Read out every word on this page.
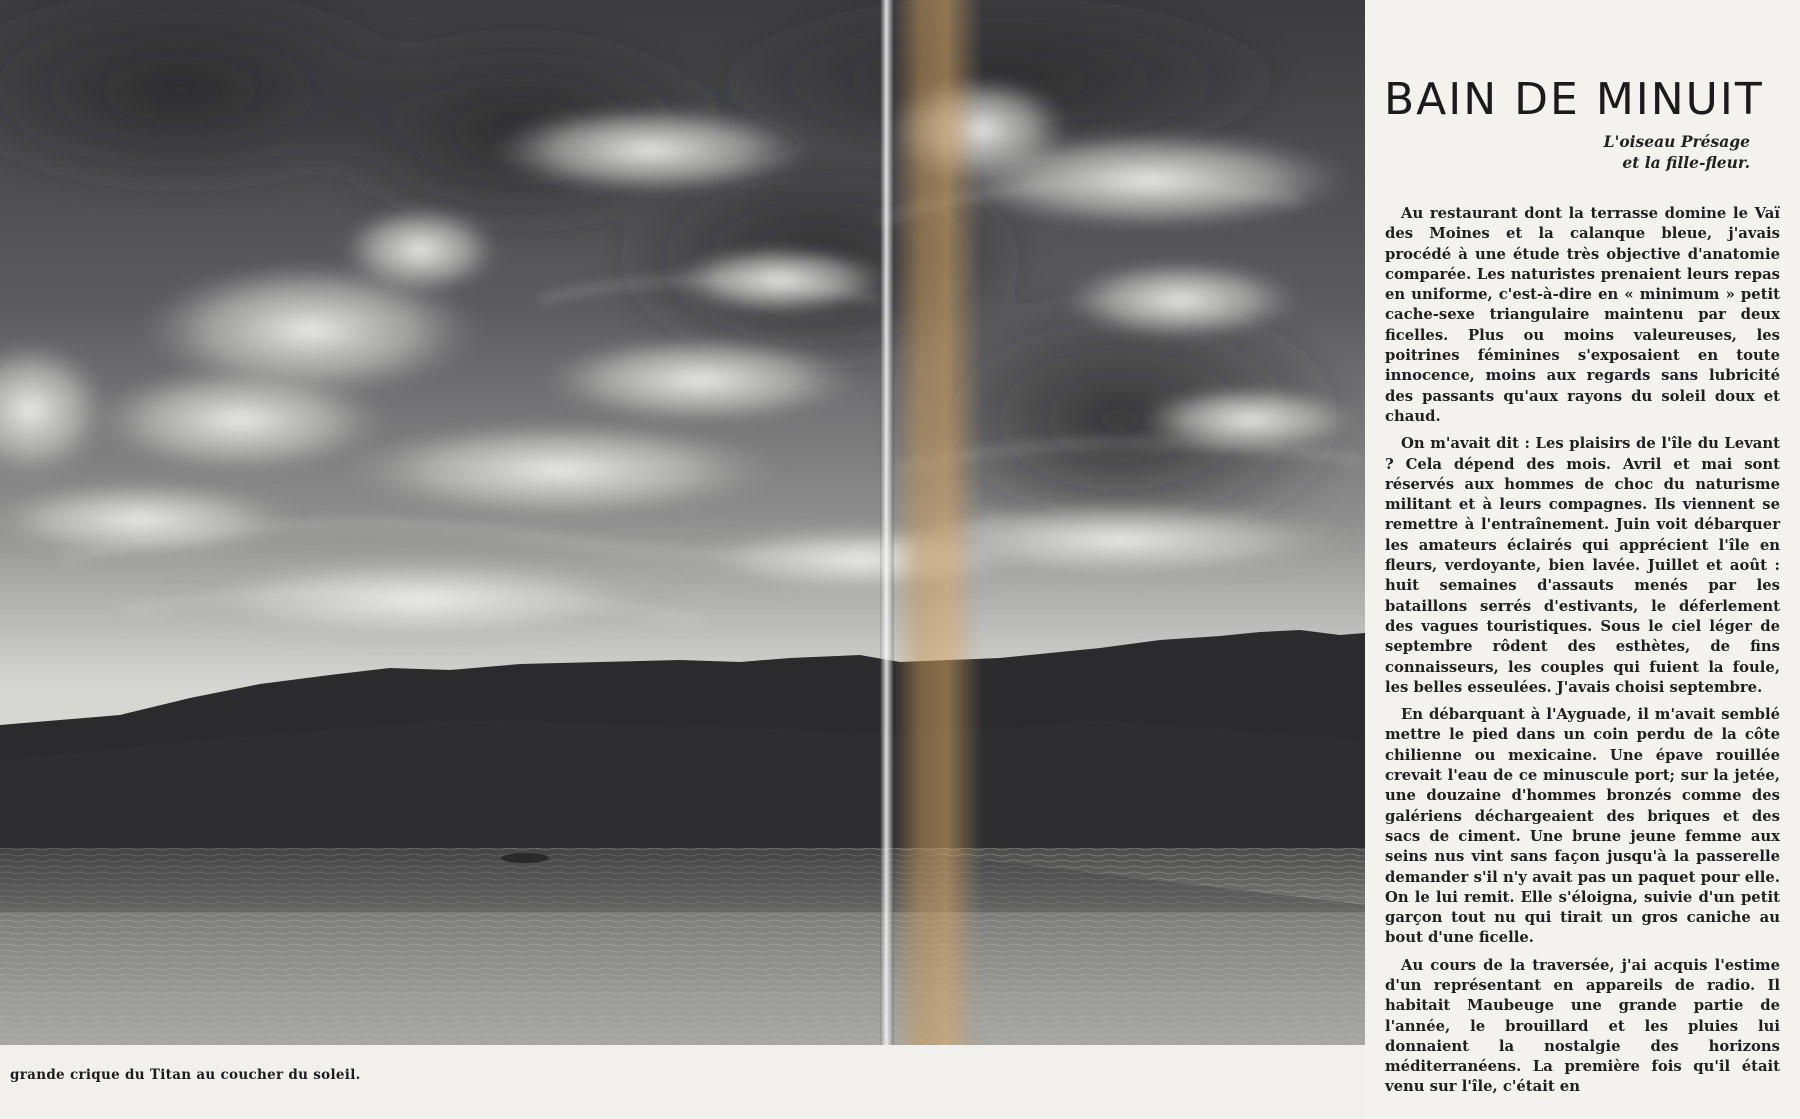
grande crique du Titan au coucher du soleil.
BAIN DE MINUIT
L'oiseau Présage
et la fille-fleur.

Au restaurant dont la terrasse domine le Vaï des Moines et la calanque bleue, j'avais procédé à une étude très objective d'anatomie comparée. Les naturistes prenaient leurs repas en uniforme, c'est-à-dire en « minimum » petit cache-sexe triangulaire maintenu par deux ficelles. Plus ou moins valeureuses, les poitrines féminines s'exposaient en toute innocence, moins aux regards sans lubricité des passants qu'aux rayons du soleil doux et chaud.

On m'avait dit : Les plaisirs de l'île du Levant ? Cela dépend des mois. Avril et mai sont réservés aux hommes de choc du naturisme militant et à leurs compagnes. Ils viennent se remettre à l'entraînement. Juin voit débarquer les amateurs éclairés qui apprécient l'île en fleurs, verdoyante, bien lavée. Juillet et août : huit semaines d'assauts menés par les bataillons serrés d'estivants, le déferlement des vagues touristiques. Sous le ciel léger de septembre rôdent des esthètes, de fins connaisseurs, les couples qui fuient la foule, les belles esseulées. J'avais choisi septembre.

En débarquant à l'Ayguade, il m'avait semblé mettre le pied dans un coin perdu de la côte chilienne ou mexicaine. Une épave rouillée crevait l'eau de ce minuscule port; sur la jetée, une douzaine d'hommes bronzés comme des galériens déchargeaient des briques et des sacs de ciment. Une brune jeune femme aux seins nus vint sans façon jusqu'à la passerelle demander s'il n'y avait pas un paquet pour elle. On le lui remit. Elle s'éloigna, suivie d'un petit garçon tout nu qui tirait un gros caniche au bout d'une ficelle.

Au cours de la traversée, j'ai acquis l'estime d'un représentant en appareils de radio. Il habitait Maubeuge une grande partie de l'année, le brouillard et les pluies lui donnaient la nostalgie des horizons méditerranéens. La première fois qu'il était venu sur l'île, c'était en
